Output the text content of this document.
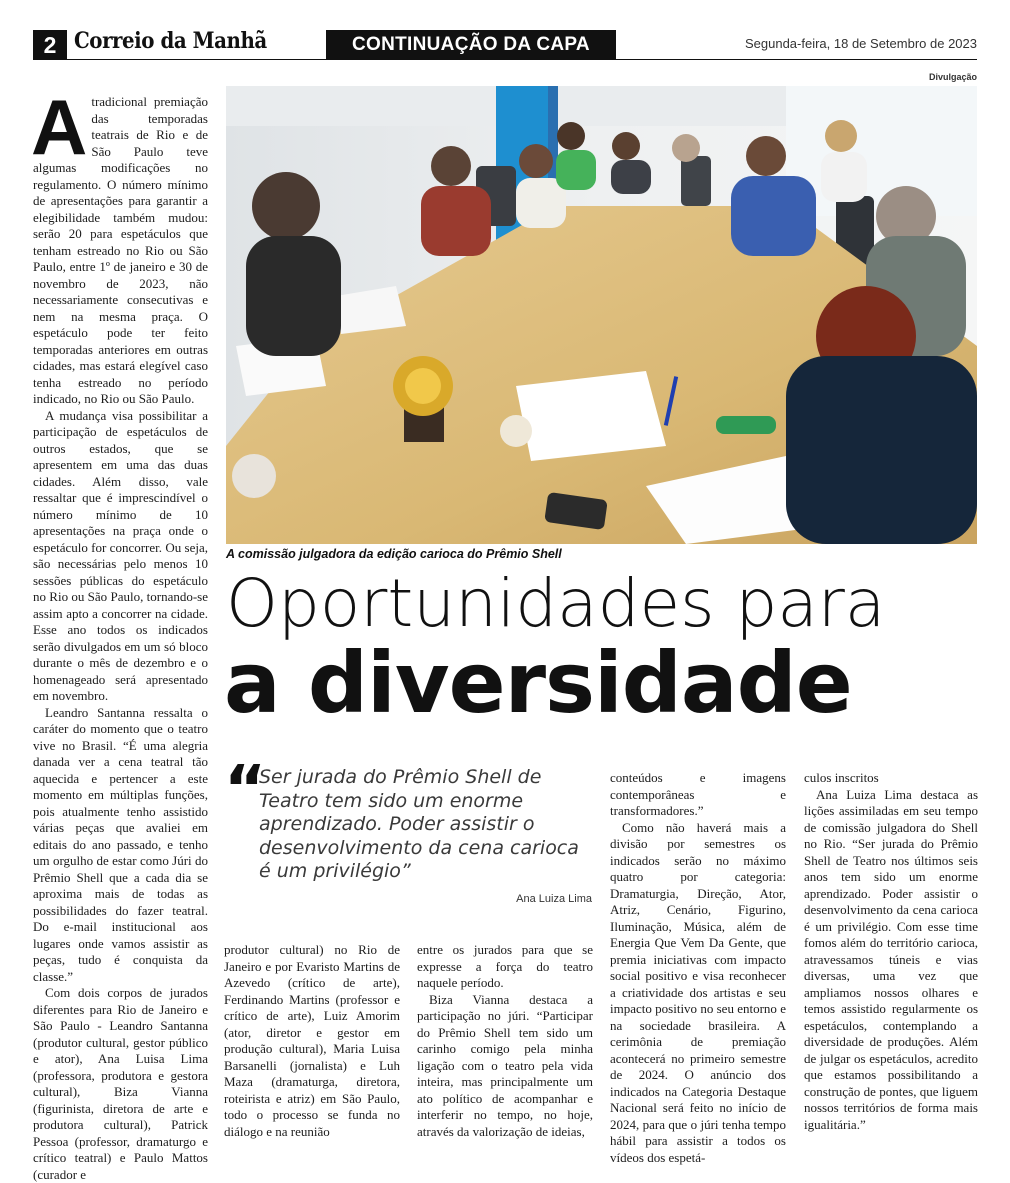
2 Correio da Manhã	CONTINUAÇÃO DA CAPA	Segunda-feira, 18 de Setembro de 2023
Divulgação
A comissão julgadora da edição carioca do Prêmio Shell
Oportunidades para
a diversidade
A tradicional premiação das temporadas teatrais de Rio e de São Paulo teve algumas modificações no regulamento. O número mínimo de apresentações para garantir a elegibilidade também mudou: serão 20 para espetáculos que tenham estreado no Rio ou São Paulo, entre 1º de janeiro e 30 de novembro de 2023, não necessariamente consecutivas e nem na mesma praça. O espetáculo pode ter feito temporadas anteriores em outras cidades, mas estará elegível caso tenha estreado no período indicado, no Rio ou São Paulo.

A mudança visa possibilitar a participação de espetáculos de outros estados, que se apresentem em uma das duas cidades. Além disso, vale ressaltar que é imprescindível o número mínimo de 10 apresentações na praça onde o espetáculo for concorrer. Ou seja, são necessárias pelo menos 10 sessões públicas do espetáculo no Rio ou São Paulo, tornando-se assim apto a concorrer na cidade. Esse ano todos os indicados serão divulgados em um só bloco durante o mês de dezembro e o homenageado será apresentado em novembro.

Leandro Santanna ressalta o caráter do momento que o teatro vive no Brasil. “É uma alegria danada ver a cena teatral tão aquecida e pertencer a este momento em múltiplas funções, pois atualmente tenho assistido várias peças que avaliei em editais do ano passado, e tenho um orgulho de estar como Júri do Prêmio Shell que a cada dia se aproxima mais de todas as possibilidades do fazer teatral. Do e-mail institucional aos lugares onde vamos assistir as peças, tudo é conquista da classe.”

Com dois corpos de jurados diferentes para Rio de Janeiro e São Paulo - Leandro Santanna (produtor cultural, gestor público e ator), Ana Luisa Lima (professora, produtora e gestora cultural), Biza Vianna (figurinista, diretora de arte e produtora cultural), Patrick Pessoa (professor, dramaturgo e crítico teatral) e Paulo Mattos (curador e

“
Ser jurada do Prêmio Shell de Teatro tem sido um enorme aprendizado. Poder assistir o desenvolvimento da cena carioca é um privilégio”
Ana Luiza Lima

produtor cultural) no Rio de Janeiro e por Evaristo Martins de Azevedo (crítico de arte), Ferdinando Martins (professor e crítico de arte), Luiz Amorim (ator, diretor e gestor em produção cultural), Maria Luisa Barsanelli (jornalista) e Luh Maza (dramaturga, diretora, roteirista e atriz) em São Paulo, todo o processo se funda no diálogo e na reunião

entre os jurados para que se expresse a força do teatro naquele período.

Biza Vianna destaca a participação no júri. “Participar do Prêmio Shell tem sido um carinho comigo pela minha ligação com o teatro pela vida inteira, mas principalmente um ato político de acompanhar e interferir no tempo, no hoje, através da valorização de ideias,

conteúdos e imagens contemporâneas e transformadores.”

Como não haverá mais a divisão por semestres os indicados serão no máximo quatro por categoria: Dramaturgia, Direção, Ator, Atriz, Cenário, Figurino, Iluminação, Música, além de Energia Que Vem Da Gente, que premia iniciativas com impacto social positivo e visa reconhecer a criatividade dos artistas e seu impacto positivo no seu entorno e na sociedade brasileira. A cerimônia de premiação acontecerá no primeiro semestre de 2024. O anúncio dos indicados na Categoria Destaque Nacional será feito no início de 2024, para que o júri tenha tempo hábil para assistir a todos os vídeos dos espetá-

culos inscritos

Ana Luiza Lima destaca as lições assimiladas em seu tempo de comissão julgadora do Shell no Rio. “Ser jurada do Prêmio Shell de Teatro nos últimos seis anos tem sido um enorme aprendizado. Poder assistir o desenvolvimento da cena carioca é um privilégio. Com esse time fomos além do território carioca, atravessamos túneis e vias diversas, uma vez que ampliamos nossos olhares e temos assistido regularmente os espetáculos, contemplando a diversidade de produções. Além de julgar os espetáculos, acredito que estamos possibilitando a construção de pontes, que liguem nossos territórios de forma mais igualitária.”
